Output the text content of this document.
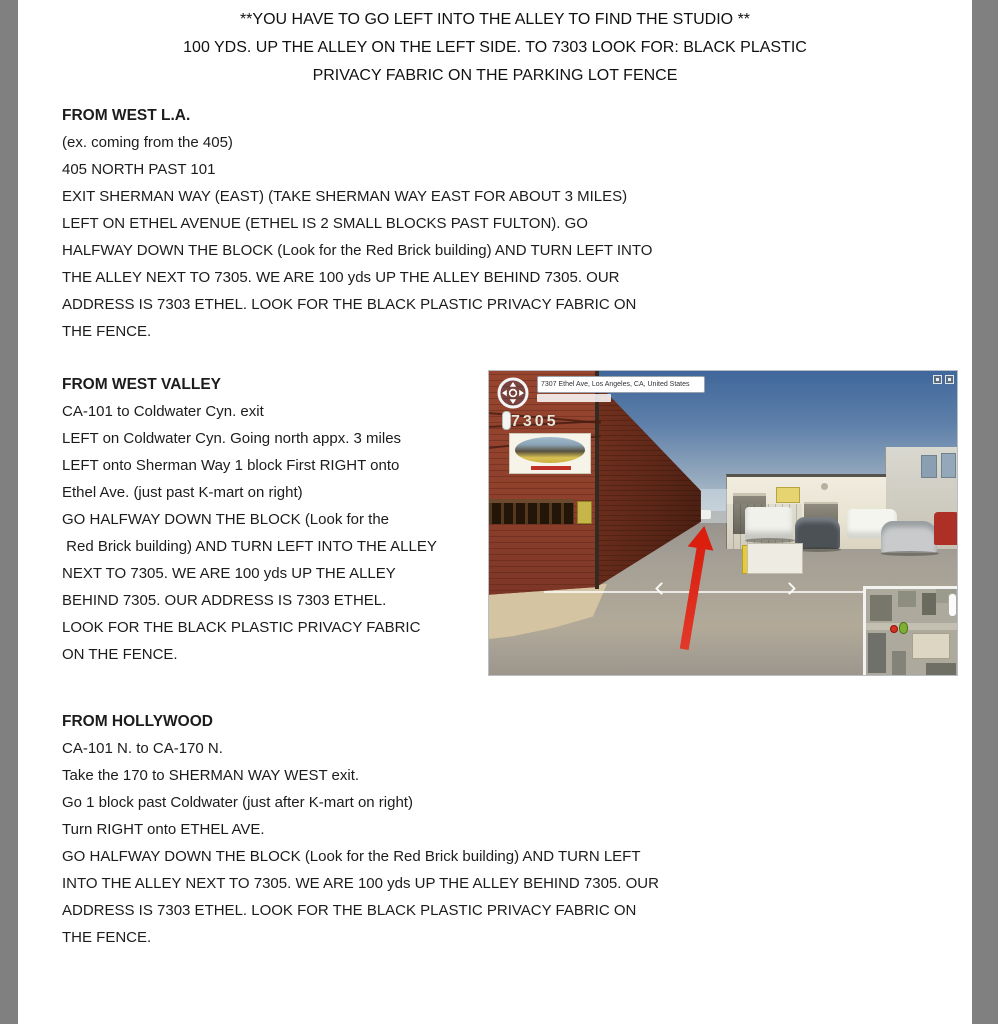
**YOU HAVE TO GO LEFT INTO THE ALLEY TO FIND THE STUDIO **
100 YDS. UP THE ALLEY ON THE LEFT SIDE. TO 7303 LOOK FOR: BLACK PLASTIC
PRIVACY FABRIC ON THE PARKING LOT FENCE
FROM WEST L.A.
(ex. coming from the 405)
405 NORTH PAST 101
EXIT SHERMAN WAY (EAST) (TAKE SHERMAN WAY EAST FOR ABOUT 3 MILES)
LEFT ON ETHEL AVENUE (ETHEL IS 2 SMALL BLOCKS PAST FULTON). GO
HALFWAY DOWN THE BLOCK (Look for the Red Brick building) AND TURN LEFT INTO
THE ALLEY NEXT TO 7305. WE ARE 100 yds UP THE ALLEY BEHIND 7305. OUR
ADDRESS IS 7303 ETHEL. LOOK FOR THE BLACK PLASTIC PRIVACY FABRIC ON
THE FENCE.
FROM WEST VALLEY
CA-101 to Coldwater Cyn. exit
LEFT on Coldwater Cyn. Going north appx. 3 miles
LEFT onto Sherman Way 1 block First RIGHT onto
Ethel Ave. (just past K-mart on right)
GO HALFWAY DOWN THE BLOCK (Look for the
Red Brick building) AND TURN LEFT INTO THE ALLEY
NEXT TO 7305. WE ARE 100 yds UP THE ALLEY
BEHIND 7305. OUR ADDRESS IS 7303 ETHEL.
LOOK FOR THE BLACK PLASTIC PRIVACY FABRIC
ON THE FENCE.
FROM HOLLYWOOD
CA-101 N. to CA-170 N.
Take the 170 to SHERMAN WAY WEST exit.
Go 1 block past Coldwater (just after K-mart on right)
Turn RIGHT onto ETHEL AVE.
GO HALFWAY DOWN THE BLOCK (Look for the Red Brick building) AND TURN LEFT
INTO THE ALLEY NEXT TO 7305. WE ARE 100 yds UP THE ALLEY BEHIND 7305. OUR
ADDRESS IS 7303 ETHEL. LOOK FOR THE BLACK PLASTIC PRIVACY FABRIC ON
THE FENCE.
7305
7307 Ethel Ave, Los Angeles, CA, United States
